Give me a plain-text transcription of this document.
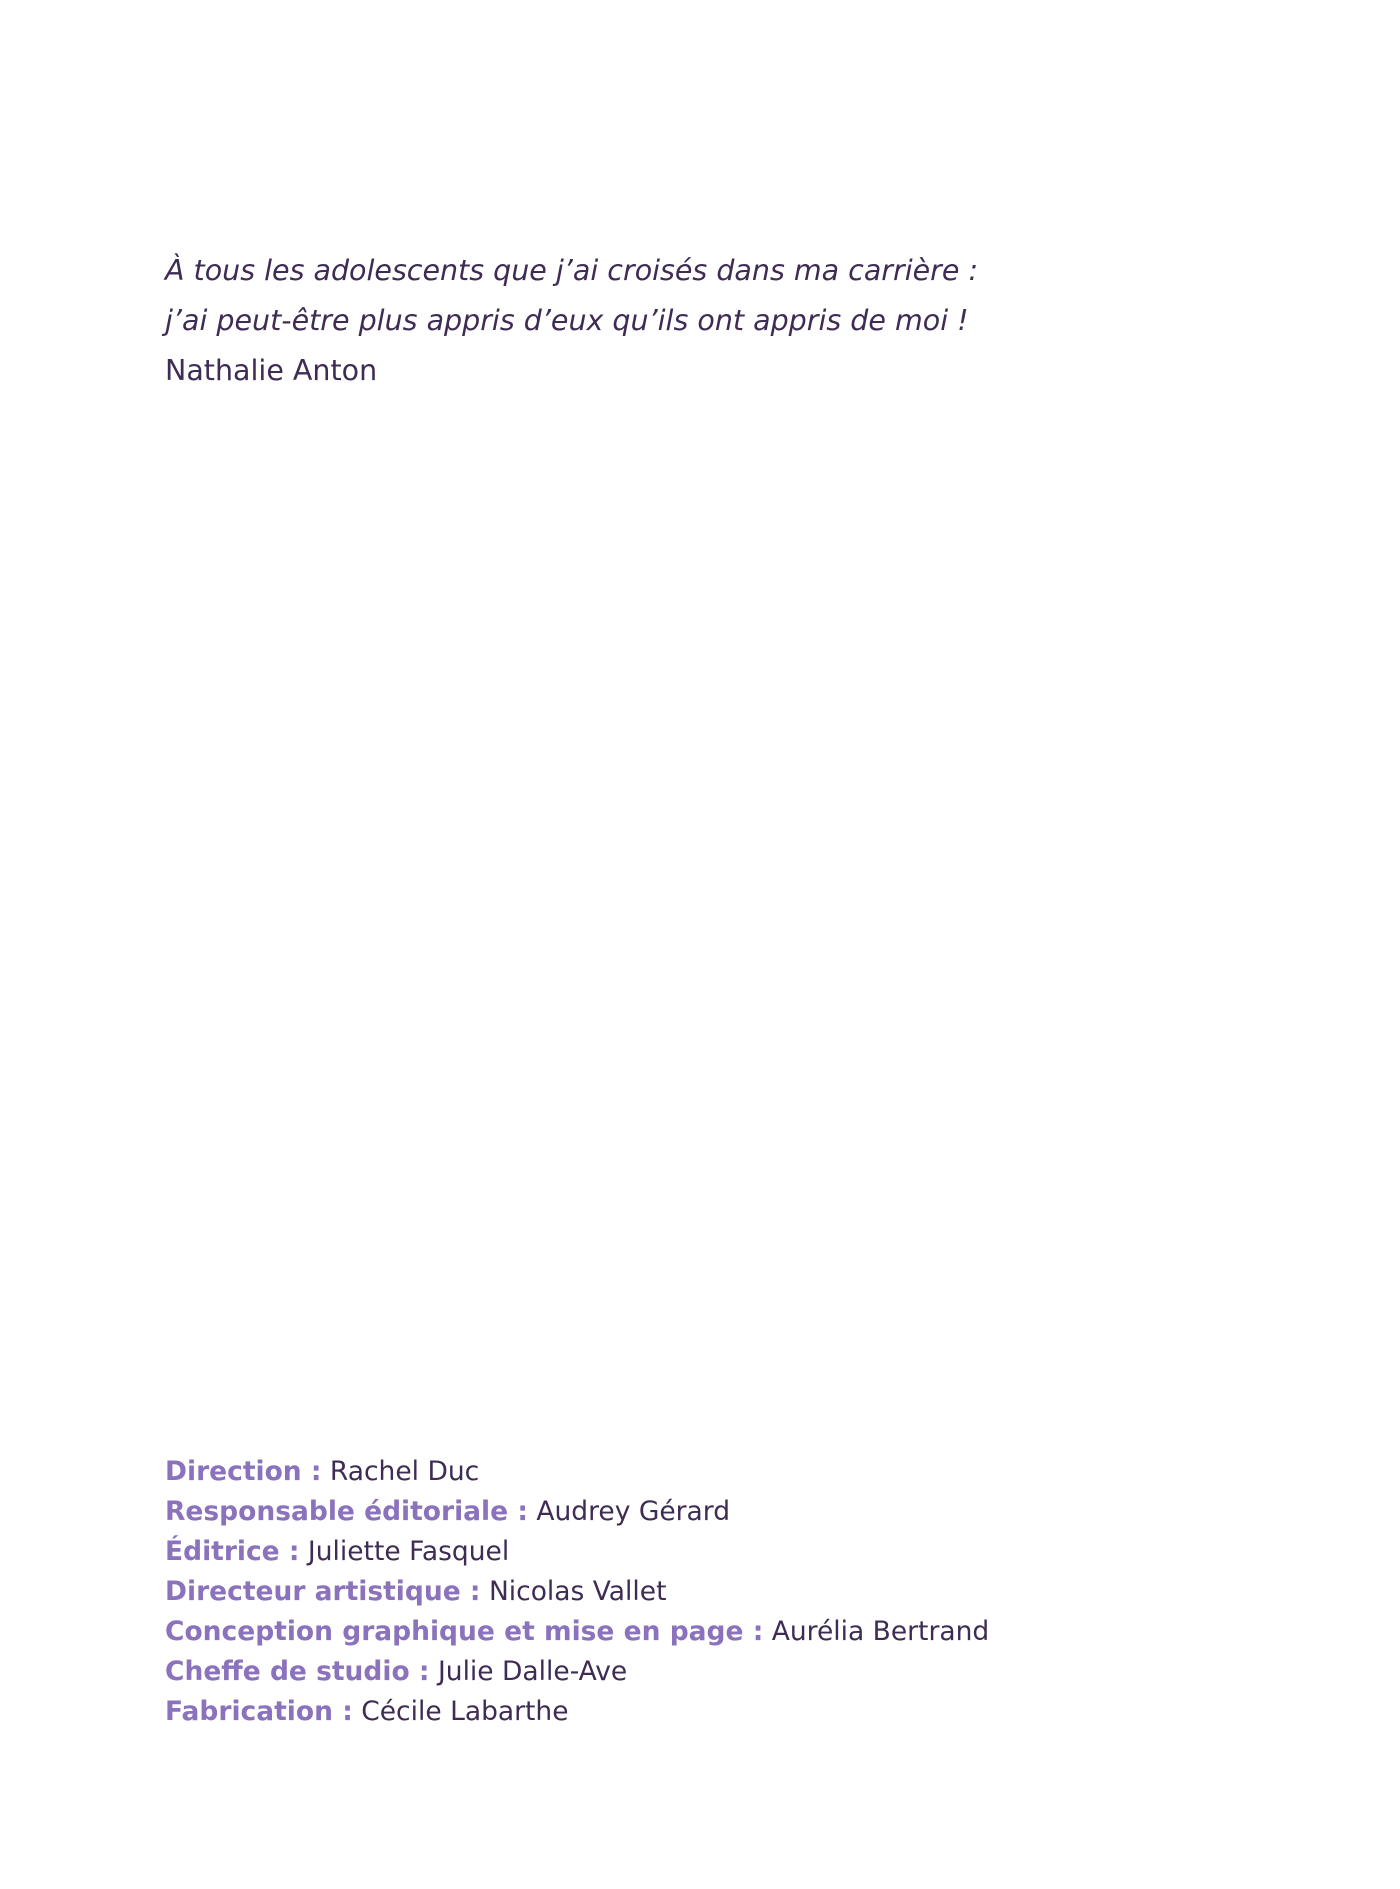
À tous les adolescents que j’ai croisés dans ma carrière :
j’ai peut-être plus appris d’eux qu’ils ont appris de moi !
Nathalie Anton
Direction : Rachel Duc
Responsable éditoriale : Audrey Gérard
Éditrice : Juliette Fasquel
Directeur artistique : Nicolas Vallet
Conception graphique et mise en page : Aurélia Bertrand
Cheffe de studio : Julie Dalle-Ave
Fabrication : Cécile Labarthe
